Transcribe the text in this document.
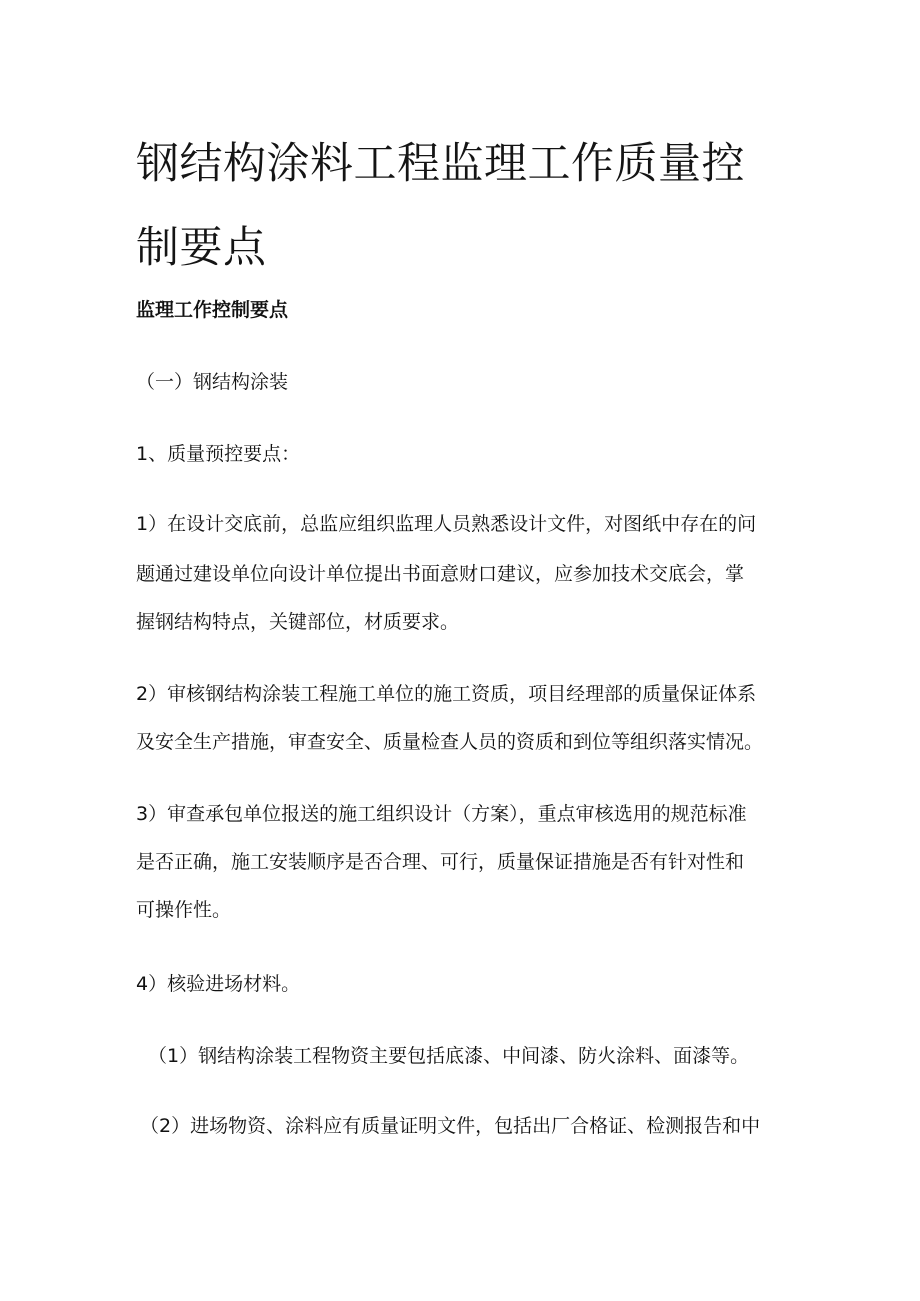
钢结构涂料工程监理工作质量控制要点

监理工作控制要点

（一）钢结构涂装

1、质量预控要点：

1）在设计交底前，总监应组织监理人员熟悉设计文件，对图纸中存在的问

题通过建设单位向设计单位提出书面意财口建议，应参加技术交底会，掌

握钢结构特点，关键部位，材质要求。

2）审核钢结构涂装工程施工单位的施工资质，项目经理部的质量保证体系

及安全生产措施，审查安全、质量检查人员的资质和到位等组织落实情况。

3）审查承包单位报送的施工组织设计（方案），重点审核选用的规范标准

是否正确，施工安装顺序是否合理、可行，质量保证措施是否有针对性和

可操作性。

4）核验进场材料。

（1）钢结构涂装工程物资主要包括底漆、中间漆、防火涂料、面漆等。

（2）进场物资、涂料应有质量证明文件，包括出厂合格证、检测报告和中
